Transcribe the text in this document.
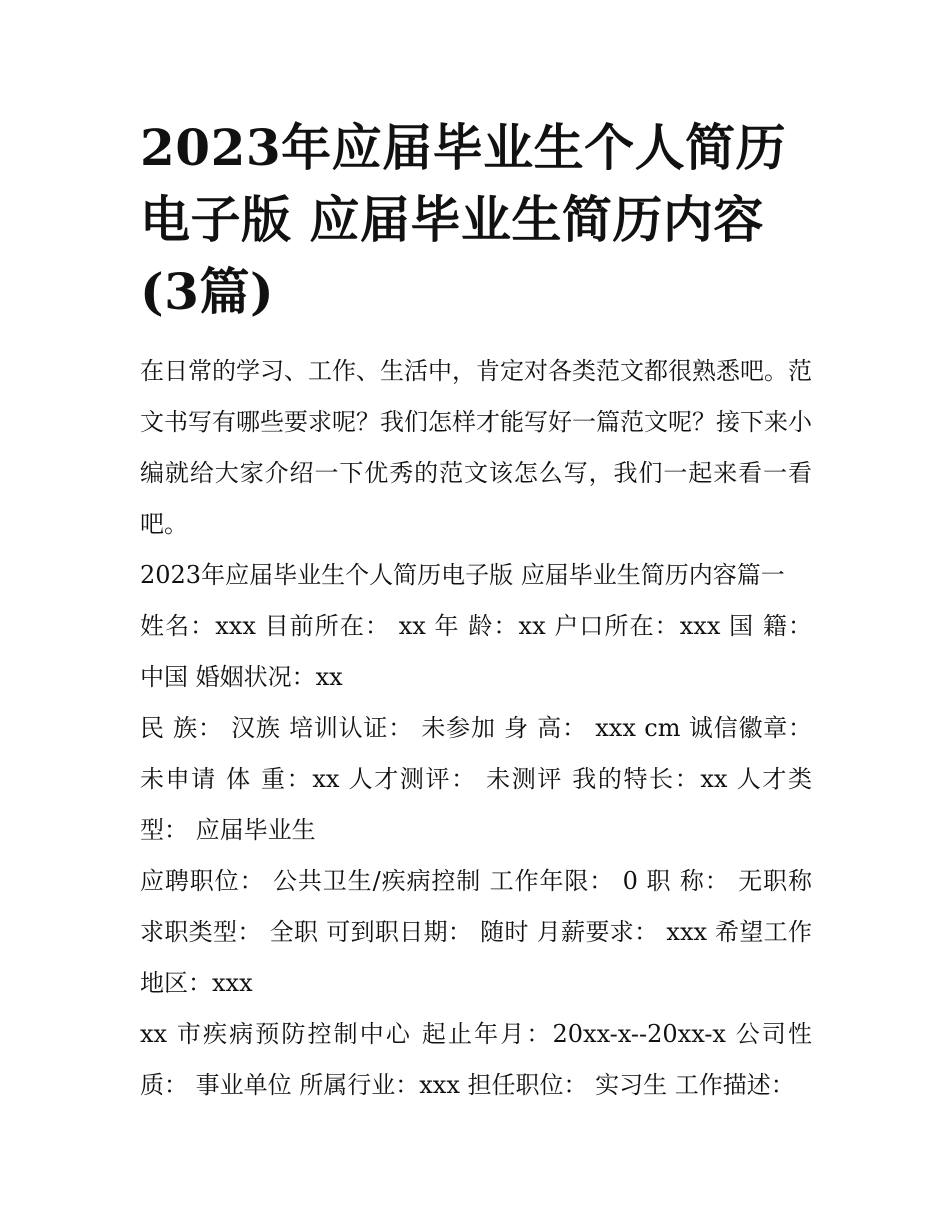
2023年应届毕业生个人简历电子版 应届毕业生简历内容(3篇)

在日常的学习、工作、生活中，肯定对各类范文都很熟悉吧。范文书写有哪些要求呢？我们怎样才能写好一篇范文呢？接下来小编就给大家介绍一下优秀的范文该怎么写，我们一起来看一看吧。

2023年应届毕业生个人简历电子版 应届毕业生简历内容篇一

姓名：xxx 目前所在： xx 年 龄：xx 户口所在：xxx 国 籍： 中国 婚姻状况：xx

民 族： 汉族 培训认证： 未参加 身 高： xxx cm 诚信徽章： 未申请 体 重：xx 人才测评： 未测评 我的特长：xx 人才类型： 应届毕业生

应聘职位： 公共卫生/疾病控制 工作年限： 0 职 称： 无职称 求职类型： 全职 可到职日期： 随时 月薪要求： xxx 希望工作地区：xxx

xx 市疾病预防控制中心 起止年月：20xx-x--20xx-x 公司性质： 事业单位 所属行业：xxx 担任职位： 实习生 工作描述：
